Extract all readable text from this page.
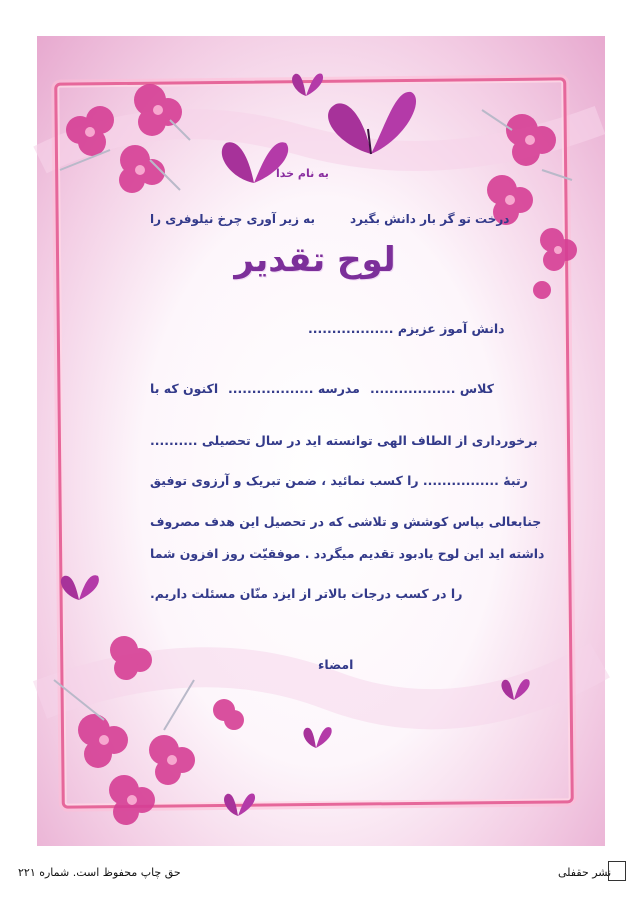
به نام خدا
درخت تو گر بار دانش بگیرد
به زیر آوری چرخ نیلوفری را
لوح تقدیر
دانش آموز عزیزم ..................
کلاس ..................
مدرسه ..................
اکنون که با
برخورداری از الطاف الهی توانسته اید در سال تحصیلی ..........
رتبهٔ ................ را کسب نمائید ، ضمن تبریک و آرزوی توفیق
جنابعالی بپاس کوشش و تلاشی که در تحصیل این هدف مصروف
داشته اید این لوح یادبود تقدیم میگردد . موفقیّت روز افزون شما
را در کسب درجات بالاتر از ایزد منّان مسئلت داریم.
امضاء
حق چاپ محفوظ است. شماره ۲۲۱	نشر حقفلی
